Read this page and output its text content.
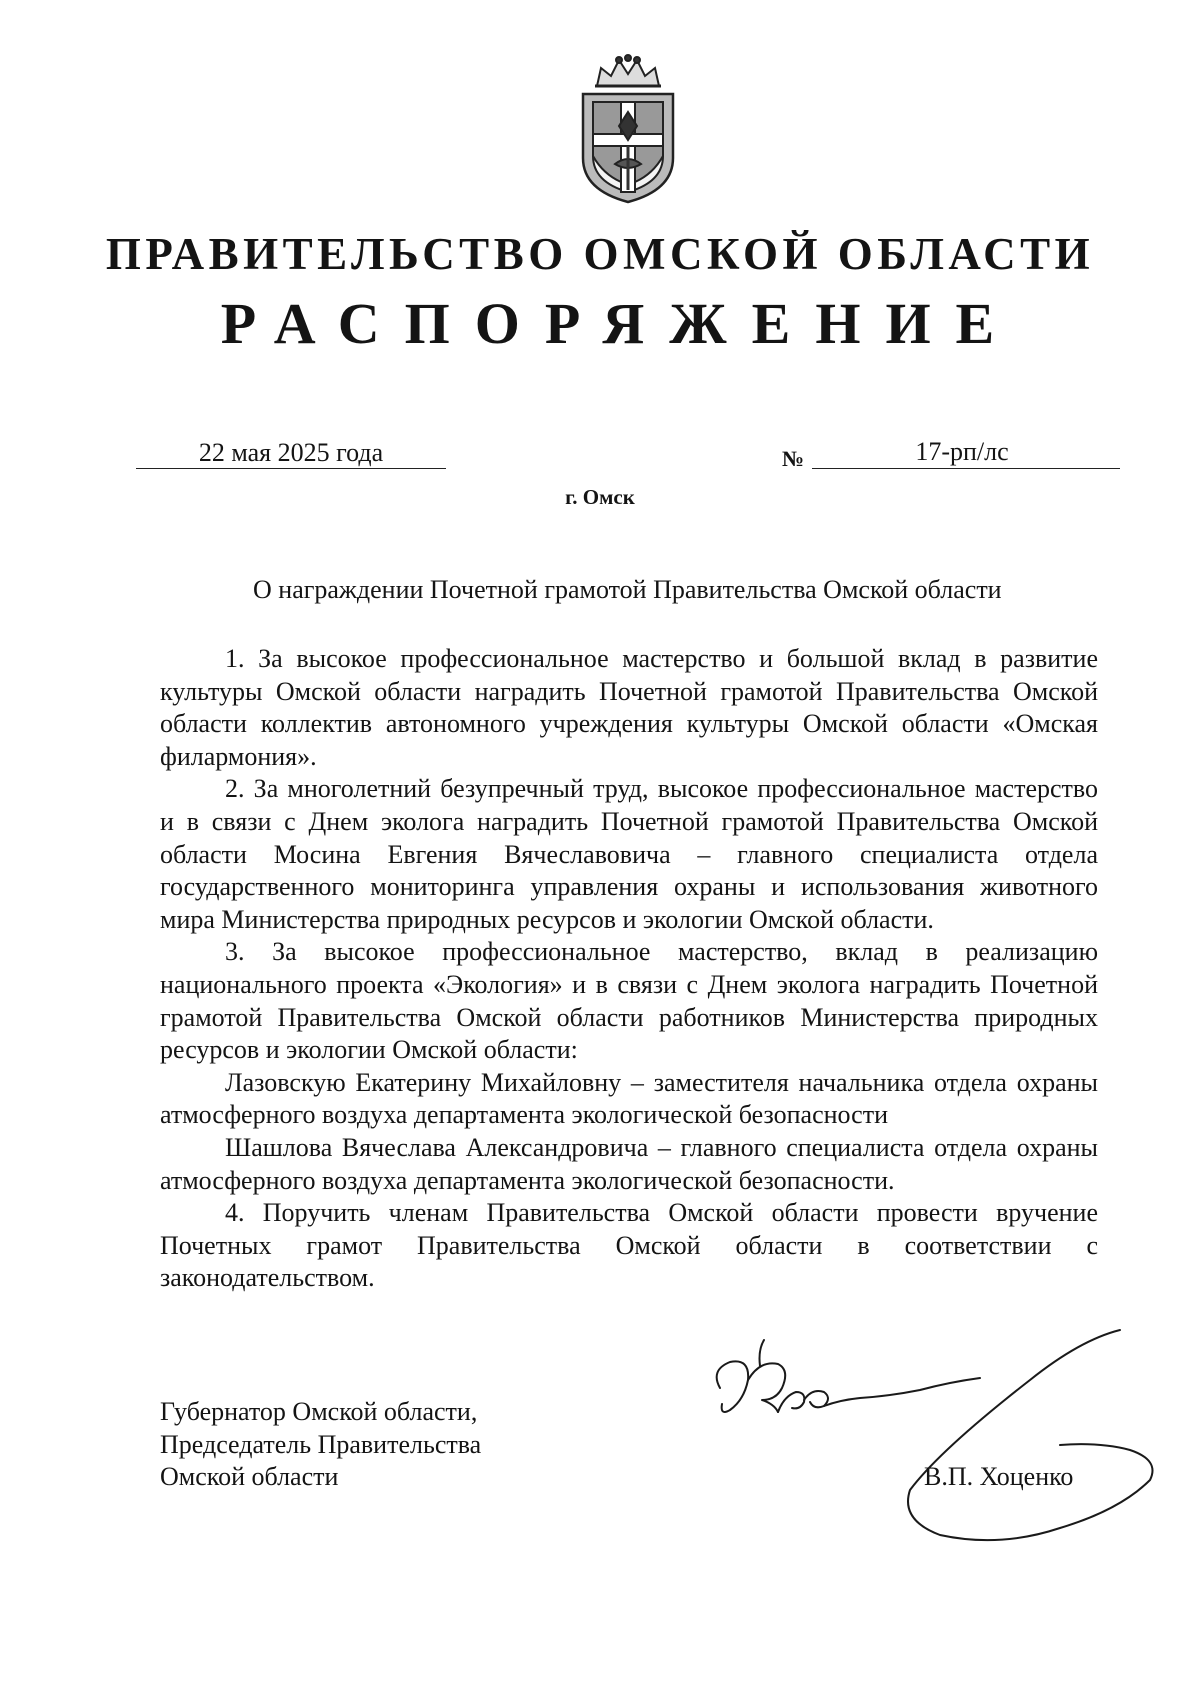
ПРАВИТЕЛЬСТВО ОМСКОЙ ОБЛАСТИ
РАСПОРЯЖЕНИЕ
22 мая 2025 года	№	17-рп/лс
г. Омск
О награждении Почетной грамотой Правительства Омской области

1. За высокое профессиональное мастерство и большой вклад в развитие культуры Омской области наградить Почетной грамотой Правительства Омской области коллектив автономного учреждения культуры Омской области «Омская филармония».

2. За многолетний безупречный труд, высокое профессиональное мастерство и в связи с Днем эколога наградить Почетной грамотой Правительства Омской области Мосина Евгения Вячеславовича – главного специалиста отдела государственного мониторинга управления охраны и использования животного мира Министерства природных ресурсов и экологии Омской области.

3. За высокое профессиональное мастерство, вклад в реализацию национального проекта «Экология» и в связи с Днем эколога наградить Почетной грамотой Правительства Омской области работников Министерства природных ресурсов и экологии Омской области:

Лазовскую Екатерину Михайловну – заместителя начальника отдела охраны атмосферного воздуха департамента экологической безопасности

Шашлова Вячеслава Александровича – главного специалиста отдела охраны атмосферного воздуха департамента экологической безопасности.

4. Поручить членам Правительства Омской области провести вручение Почетных грамот Правительства Омской области в соответствии с законодательством.

Губернатор Омской области,
Председатель Правительства
Омской области	В.П. Хоценко
